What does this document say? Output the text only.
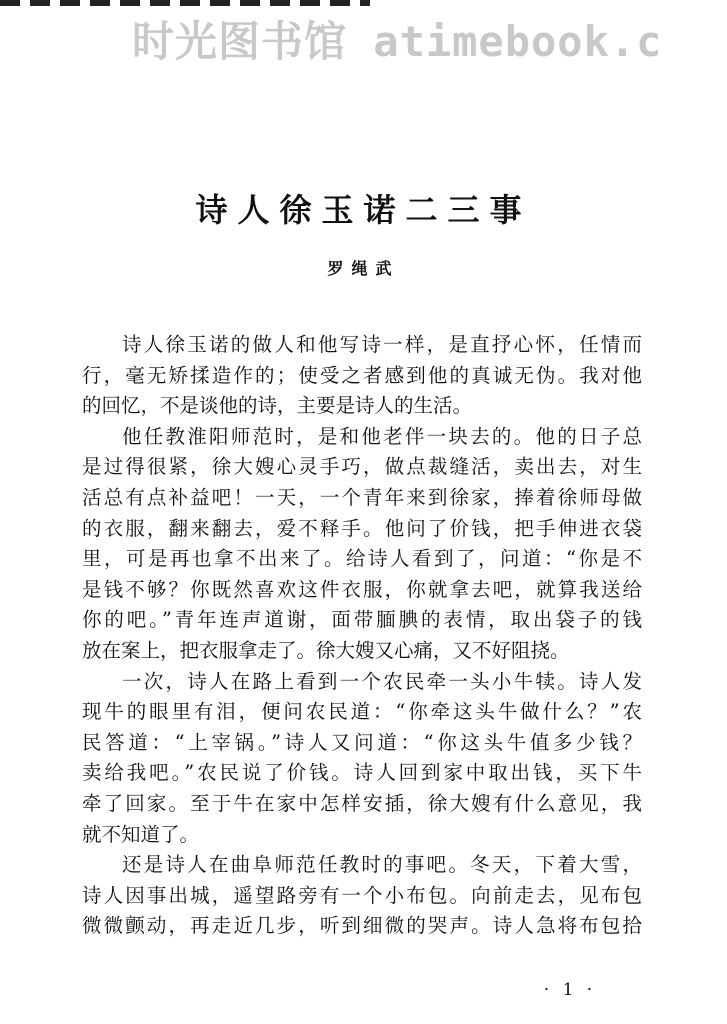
时光图书馆 atimebook.c
诗人徐玉诺二三事
罗绳武
诗人徐玉诺的做人和他写诗一样，是直抒心怀，任情而
行，毫无矫揉造作的；使受之者感到他的真诚无伪。我对他
的回忆，不是谈他的诗，主要是诗人的生活。
他任教淮阳师范时，是和他老伴一块去的。他的日子总
是过得很紧，徐大嫂心灵手巧，做点裁缝活，卖出去，对生
活总有点补益吧！一天，一个青年来到徐家，捧着徐师母做
的衣服，翻来翻去，爱不释手。他问了价钱，把手伸进衣袋
里，可是再也拿不出来了。给诗人看到了，问道：“你是不
是钱不够？你既然喜欢这件衣服，你就拿去吧，就算我送给
你的吧。”青年连声道谢，面带腼腆的表情，取出袋子的钱
放在案上，把衣服拿走了。徐大嫂又心痛，又不好阻挠。
一次，诗人在路上看到一个农民牵一头小牛犊。诗人发
现牛的眼里有泪，便问农民道：“你牵这头牛做什么？”农
民答道：“上宰锅。”诗人又问道：“你这头牛值多少钱？
卖给我吧。”农民说了价钱。诗人回到家中取出钱，买下牛
牵了回家。至于牛在家中怎样安插，徐大嫂有什么意见，我
就不知道了。
还是诗人在曲阜师范任教时的事吧。冬天，下着大雪，
诗人因事出城，遥望路旁有一个小布包。向前走去，见布包
微微颤动，再走近几步，听到细微的哭声。诗人急将布包拾
· 1 ·
